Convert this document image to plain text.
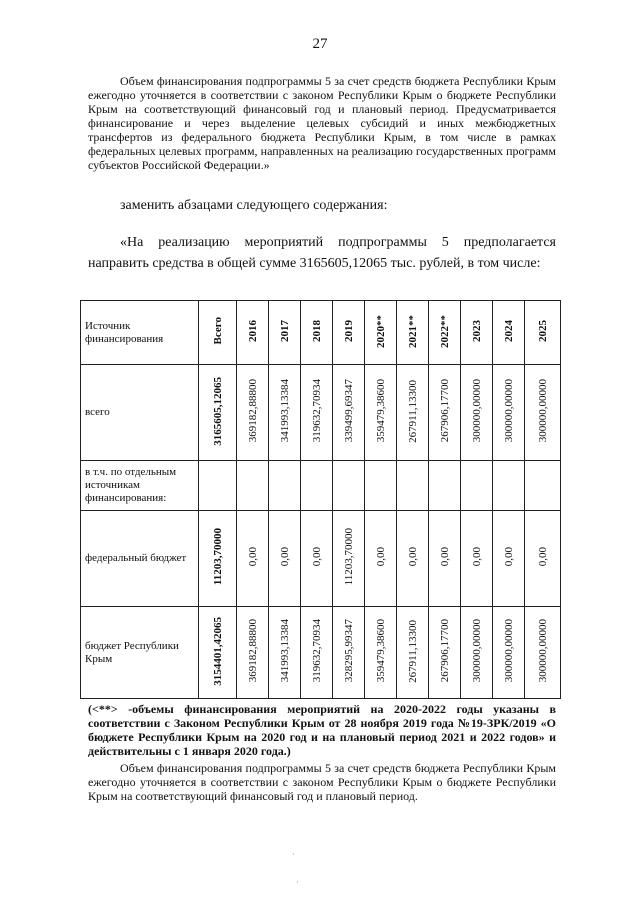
27
Объем финансирования подпрограммы 5 за счет средств бюджета Республики Крым ежегодно уточняется в соответствии с законом Республики Крым о бюджете Республики Крым на соответствующий финансовый год и плановый период. Предусматривается финансирование и через выделение целевых субсидий и иных межбюджетных трансфертов из федерального бюджета Республики Крым, в том числе в рамках федеральных целевых программ, направленных на реализацию государственных программ субъектов Российской Федерации.»
заменить абзацами следующего содержания:
«На реализацию мероприятий подпрограммы 5 предполагается направить средства в общей сумме 3165605,12065 тыс. рублей, в том числе:
Источник финансирования	Всего	2016	2017	2018	2019	2020**	2021**	2022**	2023	2024	2025
всего	3165605,12065	369182,88800	341993,13384	319632,70934	339499,69347	359479,38600	267911,13300	267906,17700	300000,00000	300000,00000	300000,00000
в т.ч. по отдельным источникам финансирования:											
федеральный бюджет	11203,70000	0,00	0,00	0,00	11203,70000	0,00	0,00	0,00	0,00	0,00	0,00
бюджет Республики Крым	3154401,42065	369182,88800	341993,13384	319632,70934	328295,99347	359479,38600	267911,13300	267906,17700	300000,00000	300000,00000	300000,00000
(<**> -объемы финансирования мероприятий на 2020-2022 годы указаны в соответствии с Законом Республики Крым от 28 ноября 2019 года №19-ЗРК/2019 «О бюджете Республики Крым на 2020 год и на плановый период 2021 и 2022 годов» и действительны с 1 января 2020 года.)
Объем финансирования подпрограммы 5 за счет средств бюджета Республики Крым ежегодно уточняется в соответствии с законом Республики Крым о бюджете Республики Крым на соответствующий финансовый год и плановый период.
·
·
